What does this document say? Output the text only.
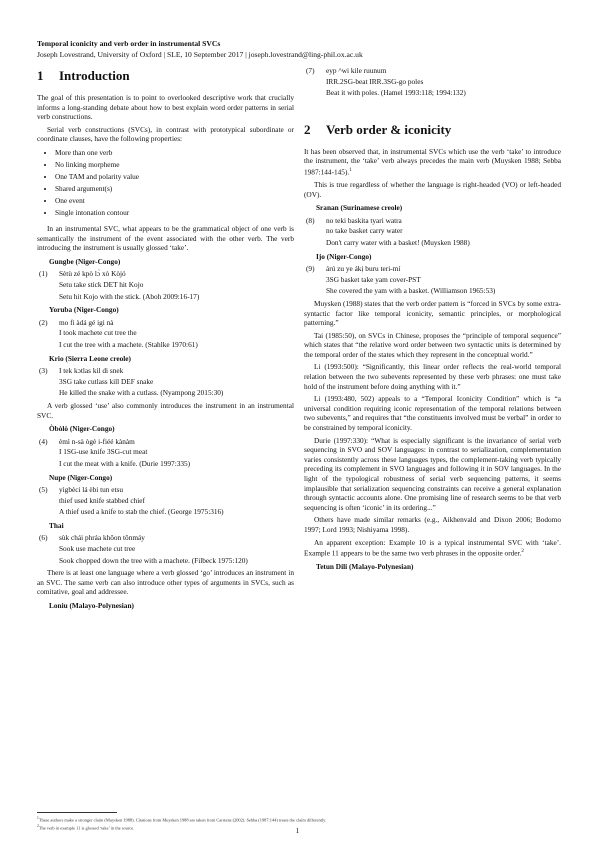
Temporal iconicity and verb order in instrumental SVCs
Joseph Lovestrand, University of Oxford | SLE, 10 September 2017 | joseph.lovestrand@ling-phil.ox.ac.uk
1 Introduction

The goal of this presentation is to point to overlooked descriptive work that crucially informs a long-standing debate about how to best explain word order patterns in serial verb constructions.

Serial verb constructions (SVCs), in contrast with prototypical subordinate or coordinate clauses, have the following properties:

• More than one verb
• No linking morpheme
• One TAM and polarity value
• Shared argument(s)
• One event
• Single intonation contour

In an instrumental SVC, what appears to be the grammatical object of one verb is semantically the instrument of the event associated with the other verb. The verb introducing the instrument is usually glossed ‘take’.

Gungbe (Niger-Congo)
(1)	Sètù zé kpò lɔ̀ xò Kòjó
Setu take stick DET hit Kojo
Setu hit Kojo with the stick. (Aboh 2009:16-17)
Yoruba (Niger-Congo)
(2)	mo fi àdá gé igi nà
I took machete cut tree the
I cut the tree with a machete. (Stahlke 1970:61)
Krio (Sierra Leone creole)
(3)	I tek kɔtlas kil di snek
3SG take cutlass kill DEF snake
He killed the snake with a cutlass. (Nyampong 2015:30)

A verb glossed ‘use’ also commonly introduces the instrument in an instrumental SVC.

Òbòlò (Niger-Congo)
(4)	èmì n-sà ògè i-fiéé kànàm
I 1SG-use knife 3SG-cut meat
I cut the meat with a knife. (Durie 1997:335)
Nupe (Niger-Congo)
(5)	yìgbèci lá èbi tun etsu
thief used knife stabbed chief
A thief used a knife to stab the chief. (George 1975:316)
Thai
(6)	sùk chái phráa khôon tônmáy
Sook use machete cut tree
Sook chopped down the tree with a machete. (Filbeck 1975:120)

There is at least one language where a verb glossed ‘go’ introduces an instrument in an SVC. The same verb can also introduce other types of arguments in SVCs, such as comitative, goal and addressee.

Loniu (Malayo-Polynesian)
(7)	eyp ^wi kile ruunum
IRR.2SG-beat IRR.3SG-go poles
Beat it with poles. (Hamel 1993:118; 1994:132)
2 Verb order & iconicity

It has been observed that, in instrumental SVCs which use the verb ‘take’ to introduce the instrument, the ‘take’ verb always precedes the main verb (Muysken 1988; Sebba 1987:144-145).$^1$

This is true regardless of whether the language is right-headed (VO) or left-headed (OV).

Sranan (Surinamese creole)
(8)	no teki baskita tyari watra
no take basket carry water
Don't carry water with a basket! (Muysken 1988)
Ijo (Niger-Congo)
(9)	árú zu ye ákị buru teri-mí
3SG basket take yam cover-PST
She covered the yam with a basket. (Williamson 1965:53)

Muysken (1988) states that the verb order pattern is “forced in SVCs by some extra-syntactic factor like temporal iconicity, semantic principles, or morphological patterning.”

Tai (1985:50), on SVCs in Chinese, proposes the “principle of temporal sequence” which states that “the relative word order between two syntactic units is determined by the temporal order of the states which they represent in the conceptual world.”

Li (1993:500): “Significantly, this linear order reflects the real-world temporal relation between the two subevents represented by these verb phrases: one must take hold of the instrument before doing anything with it.”

Li (1993:480, 502) appeals to a “Temporal Iconicity Condition” which is “a universal condition requiring iconic representation of the temporal relations between two subevents,” and requires that “the constituents involved must be verbal” in order to be constrained by temporal iconicity.

Durie (1997:330): “What is especially significant is the invariance of serial verb sequencing in SVO and SOV languages: in contrast to serialization, complementation varies consistently across these languages types, the complement-taking verb typically preceding its complement in SVO languages and following it in SOV languages. In the light of the typological robustness of serial verb sequencing patterns, it seems implausible that serialization sequencing constraints can receive a general explanation through syntactic accounts alone. One promising line of research seems to be that verb sequencing is often ‘iconic’ in its ordering...”

Others have made similar remarks (e.g., Aikhenvald and Dixon 2006; Bodomo 1997; Lord 1993; Nishiyama 1998).

An apparent exception: Example 10 is a typical instrumental SVC with ‘take’. Example 11 appears to be the same two verb phrases in the opposite order.$^2$

Tetun Dili (Malayo-Polynesian)
$^1$These authors make a stronger claim (Muysken 1988). Citations from Muysken 1988 are taken from Carstens (2002). Sebba (1987:144) treats the claim differently.
$^2$The verb in example 11 is glossed ‘take’ in the source.	1
